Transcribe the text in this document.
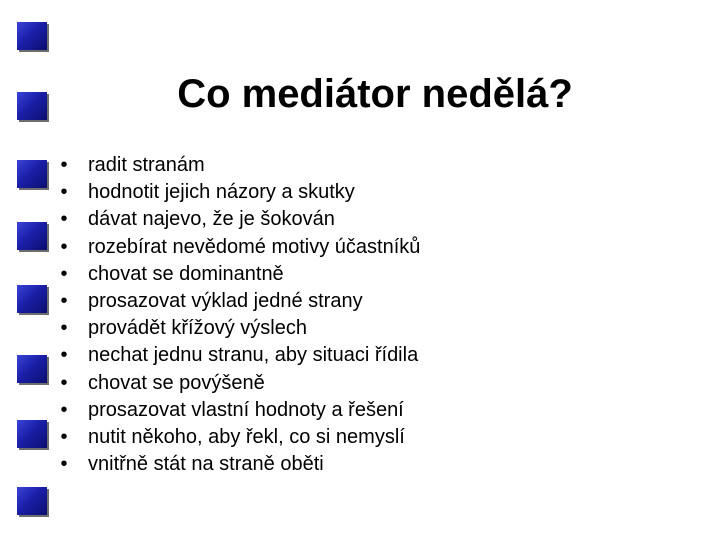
Co mediátor nedělá?
• radit stranám
• hodnotit jejich názory a skutky
• dávat najevo, že je šokován
• rozebírat nevědomé motivy účastníků
• chovat se dominantně
• prosazovat výklad jedné strany
• provádět křížový výslech
• nechat jednu stranu, aby situaci řídila
• chovat se povýšeně
• prosazovat vlastní hodnoty a řešení
• nutit někoho, aby řekl, co si nemyslí
• vnitřně stát na straně oběti
